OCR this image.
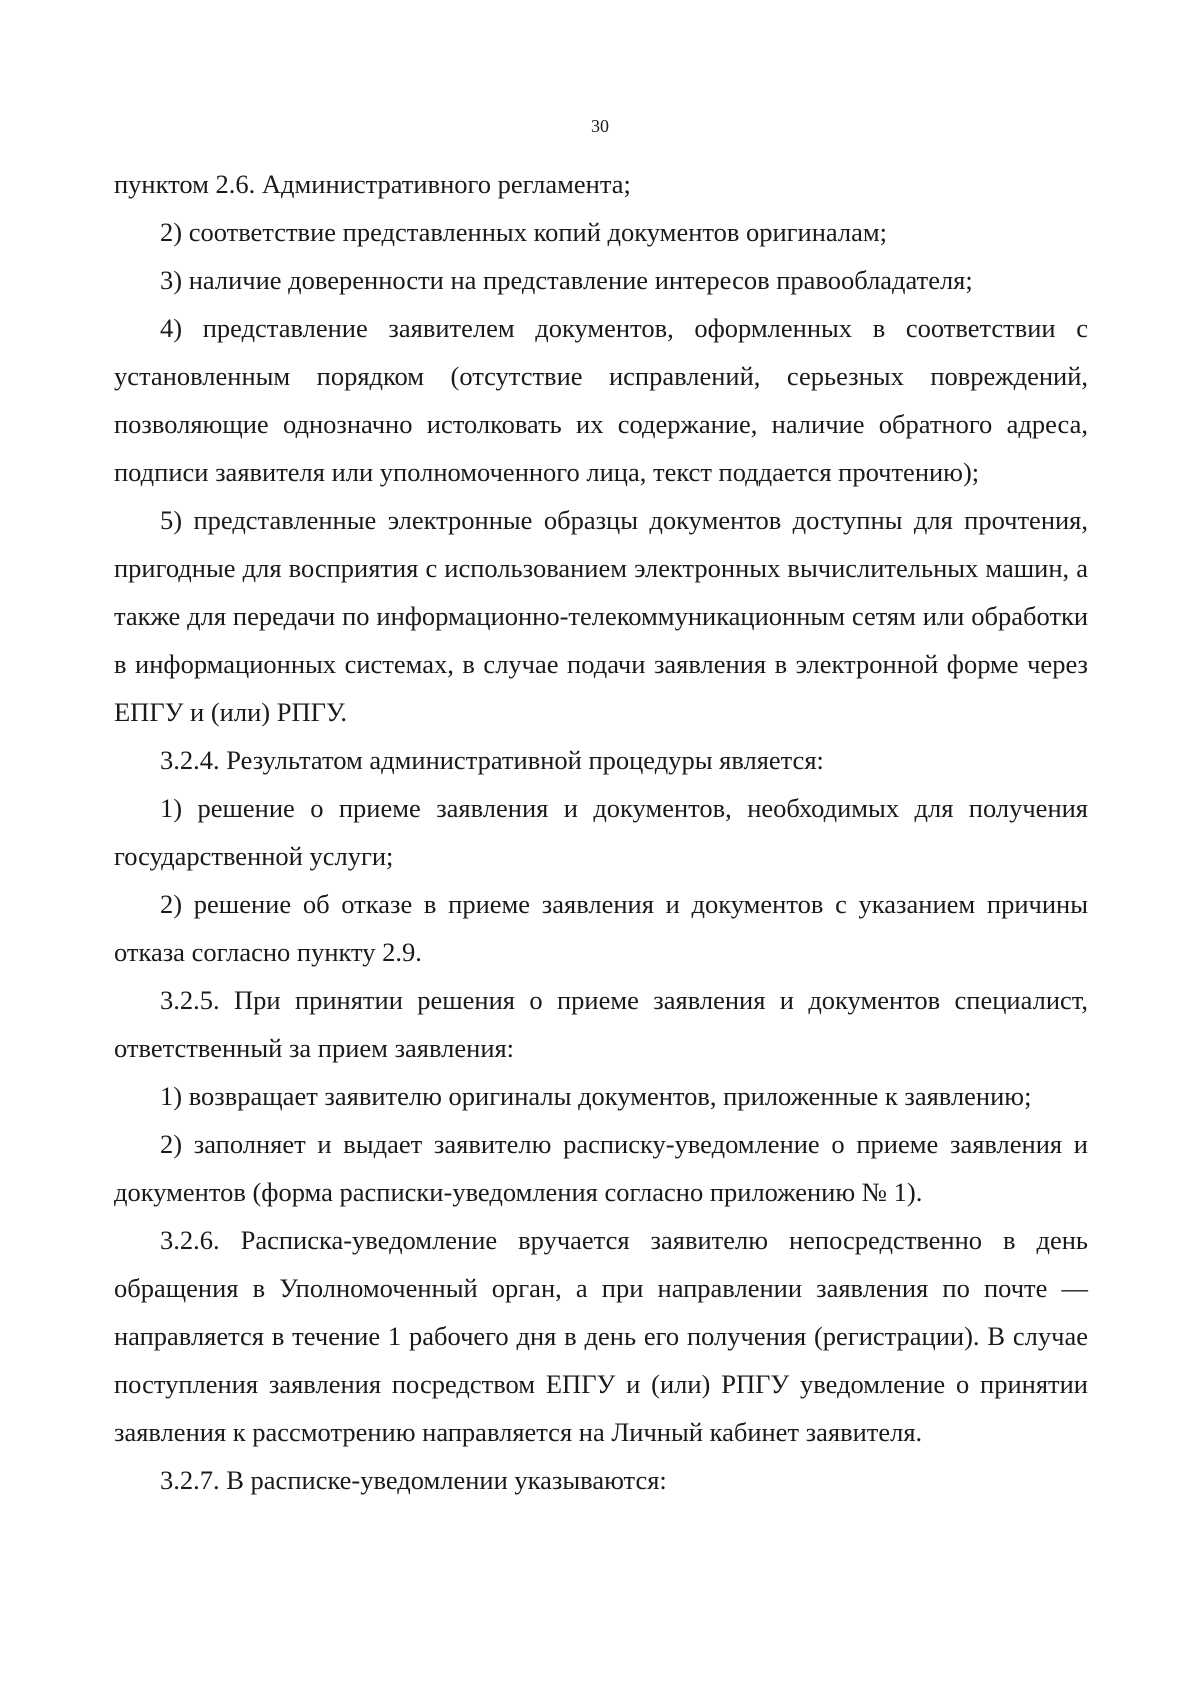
30

пунктом 2.6. Административного регламента;

2) соответствие представленных копий документов оригиналам;

3) наличие доверенности на представление интересов правообладателя;

4) представление заявителем документов, оформленных в соответствии с установленным порядком (отсутствие исправлений, серьезных повреждений, позволяющие однозначно истолковать их содержание, наличие обратного адреса, подписи заявителя или уполномоченного лица, текст поддается прочтению);

5) представленные электронные образцы документов доступны для прочтения, пригодные для восприятия с использованием электронных вычислительных машин, а также для передачи по информационно-телекоммуникационным сетям или обработки в информационных системах, в случае подачи заявления в электронной форме через ЕПГУ и (или) РПГУ.

3.2.4. Результатом административной процедуры является:

1) решение о приеме заявления и документов, необходимых для получения государственной услуги;

2) решение об отказе в приеме заявления и документов с указанием причины отказа согласно пункту 2.9.

3.2.5. При принятии решения о приеме заявления и документов специалист, ответственный за прием заявления:

1) возвращает заявителю оригиналы документов, приложенные к заявлению;

2) заполняет и выдает заявителю расписку-уведомление о приеме заявления и документов (форма расписки-уведомления согласно приложению № 1).

3.2.6. Расписка-уведомление вручается заявителю непосредственно в день обращения в Уполномоченный орган, а при направлении заявления по почте — направляется в течение 1 рабочего дня в день его получения (регистрации). В случае поступления заявления посредством ЕПГУ и (или) РПГУ уведомление о принятии заявления к рассмотрению направляется на Личный кабинет заявителя.

3.2.7. В расписке-уведомлении указываются:
